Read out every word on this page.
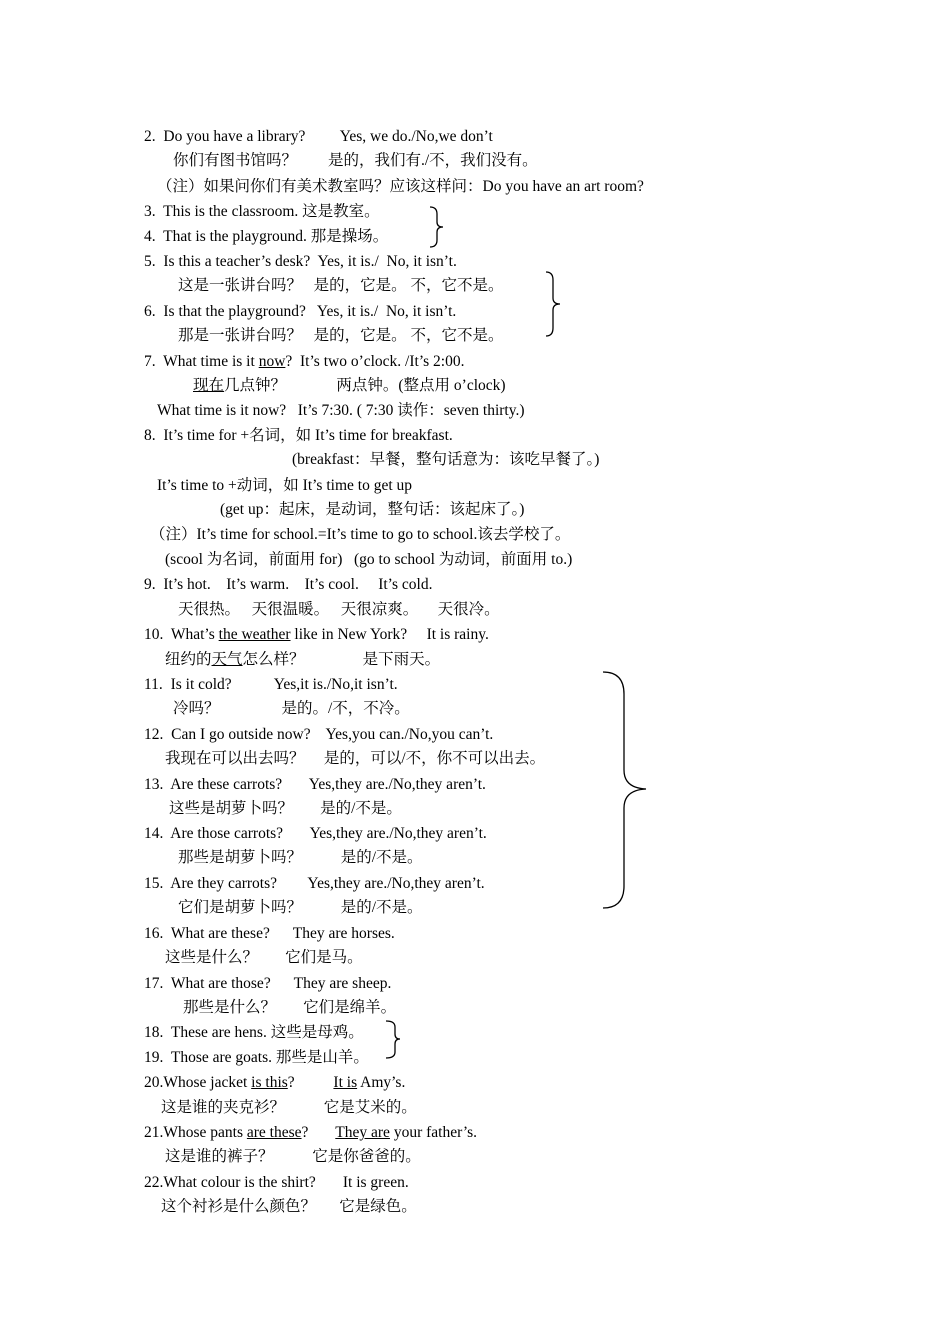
2. Do you have a library?         Yes, we do./No,we don’t
你们有图书馆吗？        是的，我们有./不，我们没有。
（注）如果问你们有美术教室吗？应该这样问：Do you have an art room?
3. This is the classroom. 这是教室。
4. That is the playground. 那是操场。
5. Is this a teacher’s desk?  Yes, it is./  No, it isn’t.
这是一张讲台吗？   是的，它是。 不，它不是。
6. Is that the playground?   Yes, it is./  No, it isn’t.
那是一张讲台吗？   是的，它是。 不，它不是。
7. What time is it now?  It’s two o’clock. /It’s 2:00.
现在几点钟？             两点钟。(整点用 o’clock)
What time is it now?   It’s 7:30. ( 7:30 读作：seven thirty.)
8. It’s time for +名词，如 It’s time for breakfast.
(breakfast：早餐，整句话意为：该吃早餐了。)
It’s time to +动词，如 It’s time to get up
(get up：起床，是动词，整句话：该起床了。)
（注）It’s time for school.=It’s time to go to school.该去学校了。
(scool 为名词，前面用 for)   (go to school 为动词，前面用 to.)
9. It’s hot.    It’s warm.    It’s cool.     It’s cold.
天很热。   天很温暖。   天很凉爽。     天很冷。
10. What’s the weather like in New York?     It is rainy.
纽约的天气怎么样？               是下雨天。
11. Is it cold?           Yes,it is./No,it isn’t.
冷吗？                是的。/不，不冷。
12. Can I go outside now?    Yes,you can./No,you can’t.
我现在可以出去吗？     是的，可以/不，你不可以出去。
13. Are these carrots?       Yes,they are./No,they aren’t.
这些是胡萝卜吗？       是的/不是。
14. Are those carrots?       Yes,they are./No,they aren’t.
那些是胡萝卜吗？          是的/不是。
15. Are they carrots?        Yes,they are./No,they aren’t.
它们是胡萝卜吗？          是的/不是。
16. What are these?      They are horses.
这些是什么？       它们是马。
17. What are those?      They are sheep.
那些是什么？       它们是绵羊。
18. These are hens. 这些是母鸡。
19. Those are goats. 那些是山羊。
20.Whose jacket is this?	It is Amy’s.
这是谁的夹克衫？          它是艾米的。
21.Whose pants are these? They are your father’s.
这是谁的裤子？          它是你爸爸的。
22.What colour is the shirt?       It is green.
这个衬衫是什么颜色？      它是绿色。
